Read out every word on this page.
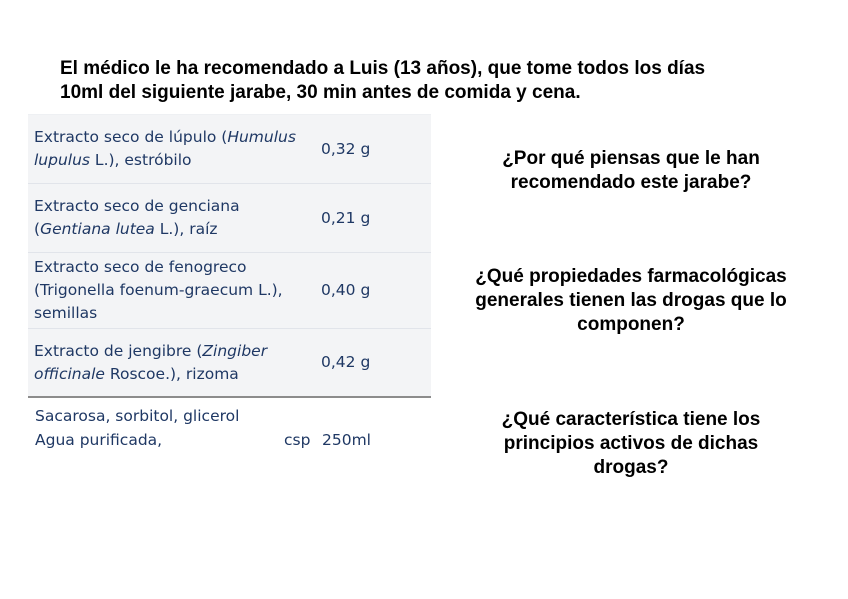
El médico le ha recomendado a Luis (13 años), que tome todos los días
10ml del siguiente jarabe, 30 min antes de comida y cena.
Extracto seco de lúpulo (Humulus
lupulus L.), estróbilo
0,32 g
Extracto seco de genciana
(Gentiana lutea L.), raíz
0,21 g
Extracto seco de fenogreco
(Trigonella foenum-graecum L.),
semillas
0,40 g
Extracto de jengibre (Zingiber
officinale Roscoe.), rizoma
0,42 g
Sacarosa, sorbitol, glicerol
Agua purificada,	csp 250ml
¿Por qué piensas que le han
recomendado este jarabe?
¿Qué propiedades farmacológicas
generales tienen las drogas que lo
componen?
¿Qué característica tiene los
principios activos de dichas
drogas?
